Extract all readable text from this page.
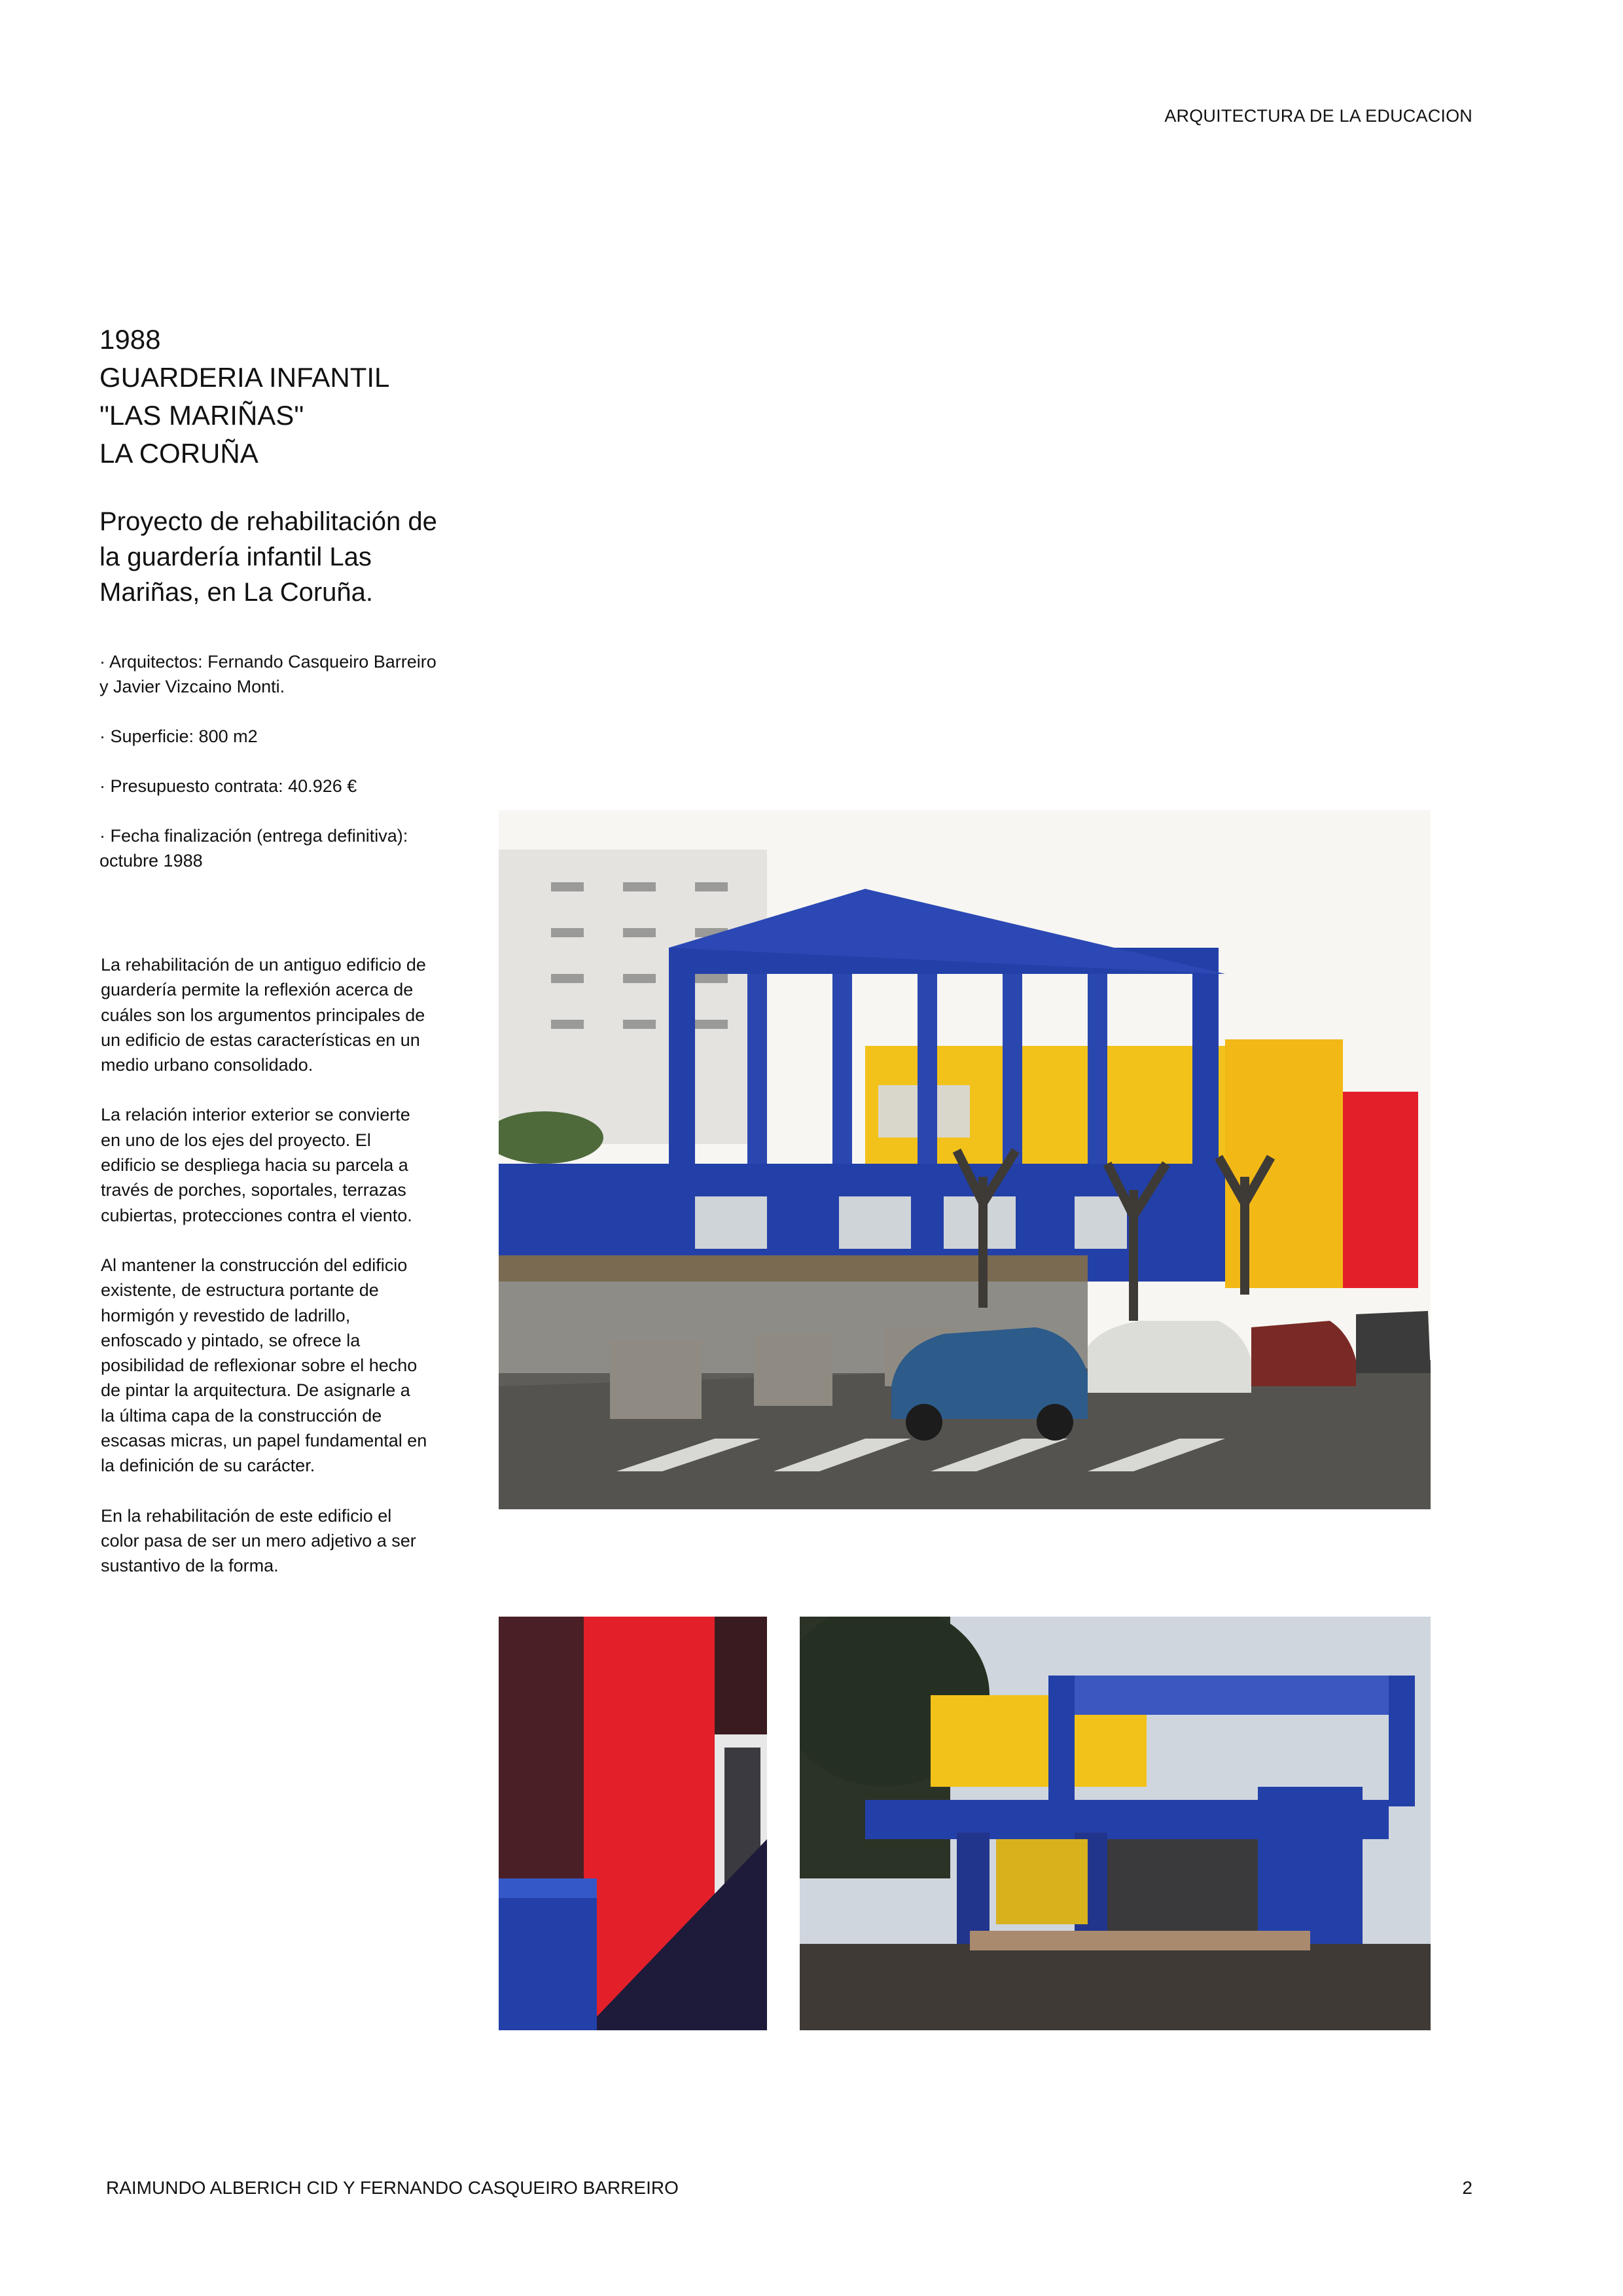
ARQUITECTURA DE LA EDUCACION
1988
GUARDERIA INFANTIL
"LAS MARIÑAS"
LA CORUÑA
Proyecto de rehabilitación de la guardería infantil Las Mariñas, en La Coruña.

· Arquitectos: Fernando Casqueiro Barreiro y Javier Vizcaino Monti.

· Superficie: 800 m2

· Presupuesto contrata: 40.926 €

· Fecha finalización (entrega definitiva): octubre 1988

La rehabilitación de un antiguo edificio de guardería permite la reflexión acerca de cuáles son los argumentos principales de un edificio de estas características en un medio urbano consolidado.

La relación interior exterior se convierte en uno de los ejes del proyecto. El edificio se despliega hacia su parcela a través de porches, soportales, terrazas cubiertas, protecciones contra el viento.

Al mantener la construcción del edificio existente, de estructura portante de hormigón y revestido de ladrillo, enfoscado y pintado, se ofrece la posibilidad de reflexionar sobre el hecho de pintar la arquitectura. De asignarle a la última capa de la construcción de escasas micras, un papel fundamental en la definición de su carácter.

En la rehabilitación de este edificio el color pasa de ser un mero adjetivo a ser sustantivo de la forma.

RAIMUNDO ALBERICH CID Y FERNANDO CASQUEIRO BARREIRO	2
